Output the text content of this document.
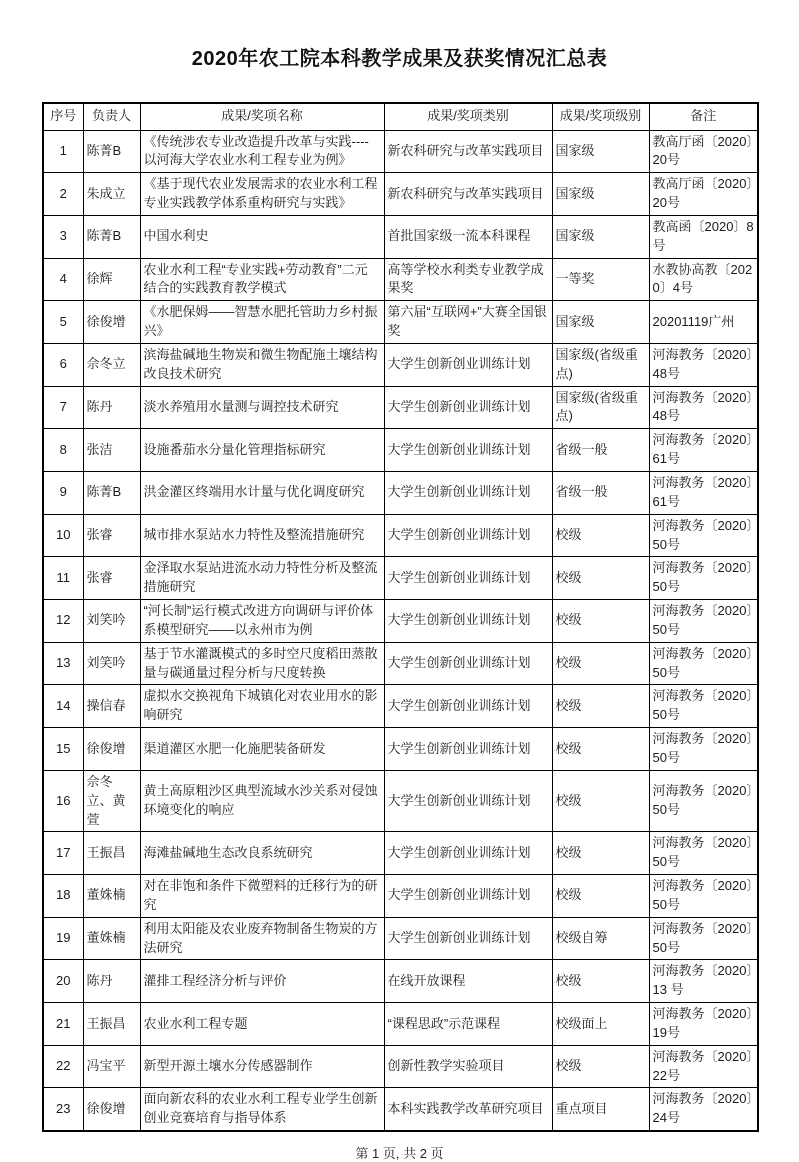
2020年农工院本科教学成果及获奖情况汇总表
序号	负责人	成果/奖项名称	成果/奖项类别	成果/奖项级别	备注
1	陈菁B	《传统涉农专业改造提升改革与实践----以河海大学农业水利工程专业为例》	新农科研究与改革实践项目	国家级	教高厅函〔2020〕20号
2	朱成立	《基于现代农业发展需求的农业水利工程专业实践教学体系重构研究与实践》	新农科研究与改革实践项目	国家级	教高厅函〔2020〕20号
3	陈菁B	中国水利史	首批国家级一流本科课程	国家级	教高函〔2020〕8号
4	徐辉	农业水利工程“专业实践+劳动教育”二元结合的实践教育教学模式	高等学校水利类专业教学成果奖	一等奖	水教协高教〔2020〕4号
5	徐俊增	《水肥保姆——智慧水肥托管助力乡村振兴》	第六届“互联网+”大赛全国银奖	国家级	20201119广州
6	佘冬立	滨海盐碱地生物炭和微生物配施土壤结构改良技术研究	大学生创新创业训练计划	国家级(省级重点)	河海教务〔2020〕48号
7	陈丹	淡水养殖用水量测与调控技术研究	大学生创新创业训练计划	国家级(省级重点)	河海教务〔2020〕48号
8	张洁	设施番茄水分量化管理指标研究	大学生创新创业训练计划	省级一般	河海教务〔2020〕61号
9	陈菁B	洪金灌区终端用水计量与优化调度研究	大学生创新创业训练计划	省级一般	河海教务〔2020〕61号
10	张睿	城市排水泵站水力特性及整流措施研究	大学生创新创业训练计划	校级	河海教务〔2020〕50号
11	张睿	金泽取水泵站进流水动力特性分析及整流措施研究	大学生创新创业训练计划	校级	河海教务〔2020〕50号
12	刘笑吟	“河长制”运行模式改进方向调研与评价体系模型研究——以永州市为例	大学生创新创业训练计划	校级	河海教务〔2020〕50号
13	刘笑吟	基于节水灌溉模式的多时空尺度稻田蒸散量与碳通量过程分析与尺度转换	大学生创新创业训练计划	校级	河海教务〔2020〕50号
14	操信春	虚拟水交换视角下城镇化对农业用水的影响研究	大学生创新创业训练计划	校级	河海教务〔2020〕50号
15	徐俊增	渠道灌区水肥一化施肥装备研发	大学生创新创业训练计划	校级	河海教务〔2020〕50号
16	佘冬立、黄萱	黄土高原粗沙区典型流域水沙关系对侵蚀环境变化的响应	大学生创新创业训练计划	校级	河海教务〔2020〕50号
17	王振昌	海滩盐碱地生态改良系统研究	大学生创新创业训练计划	校级	河海教务〔2020〕50号
18	董姝楠	对在非饱和条件下微塑料的迁移行为的研究	大学生创新创业训练计划	校级	河海教务〔2020〕50号
19	董姝楠	利用太阳能及农业废弃物制备生物炭的方法研究	大学生创新创业训练计划	校级自筹	河海教务〔2020〕50号
20	陈丹	灌排工程经济分析与评价	在线开放课程	校级	河海教务〔2020〕13 号
21	王振昌	农业水利工程专题	“课程思政”示范课程	校级面上	河海教务〔2020〕19号
22	冯宝平	新型开源土壤水分传感器制作	创新性教学实验项目	校级	河海教务〔2020〕22号
23	徐俊增	面向新农科的农业水利工程专业学生创新创业竞赛培育与指导体系	本科实践教学改革研究项目	重点项目	河海教务〔2020〕24号
第 1 页, 共 2 页
